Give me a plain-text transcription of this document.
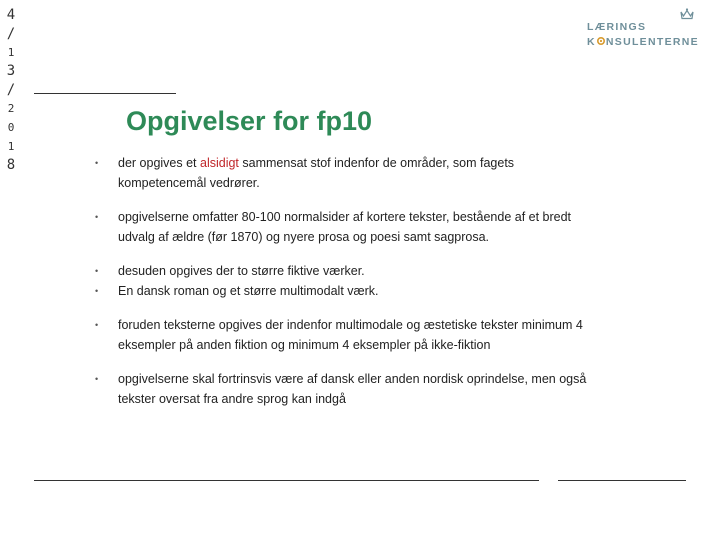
4
/
1
3
/
2
0
1
8
LÆRINGS
K NSULENTERNE
Opgivelser for fp10
•	der opgives et alsidigt sammensat stof indenfor de områder, som fagets kompetencemål vedrører.
•	opgivelserne omfatter 80-100 normalsider af kortere tekster, bestående af et bredt udvalg af ældre (før 1870) og nyere prosa og poesi samt sagprosa.
•	desuden opgives der to større fiktive værker.
•	En dansk roman og et større multimodalt værk.
•	foruden teksterne opgives der indenfor multimodale og æstetiske tekster minimum 4 eksempler på anden fiktion og minimum 4 eksempler på ikke-fiktion
•	opgivelserne skal fortrinsvis være af dansk eller anden nordisk oprindelse, men også tekster oversat fra andre sprog kan indgå
